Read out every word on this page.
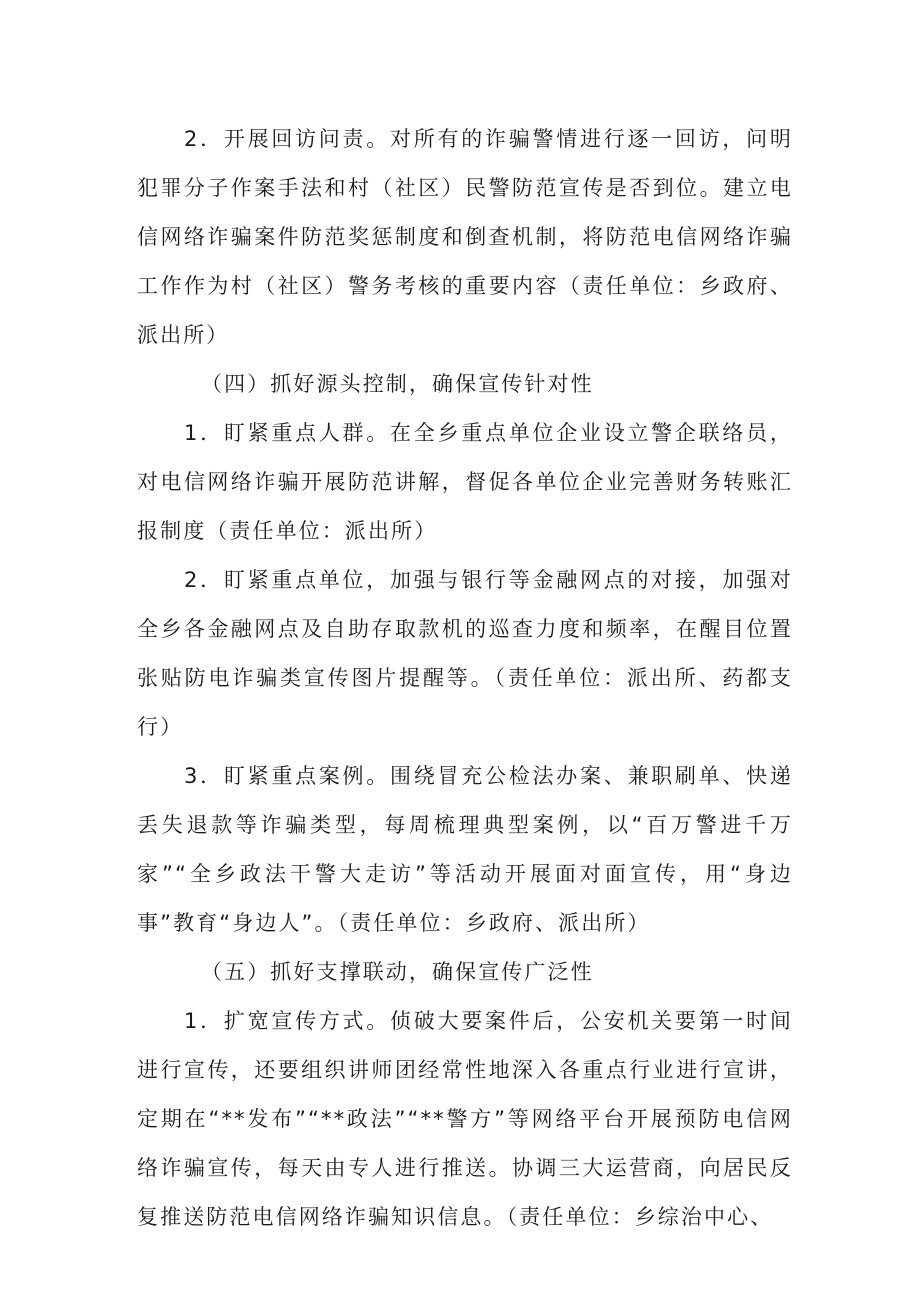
2．开展回访问责。对所有的诈骗警情进行逐一回访，问明犯罪分子作案手法和村（社区）民警防范宣传是否到位。建立电信网络诈骗案件防范奖惩制度和倒查机制，将防范电信网络诈骗工作作为村（社区）警务考核的重要内容（责任单位：乡政府、派出所）

（四）抓好源头控制，确保宣传针对性

1．盯紧重点人群。在全乡重点单位企业设立警企联络员，对电信网络诈骗开展防范讲解，督促各单位企业完善财务转账汇报制度（责任单位：派出所）

2．盯紧重点单位，加强与银行等金融网点的对接，加强对全乡各金融网点及自助存取款机的巡查力度和频率，在醒目位置张贴防电诈骗类宣传图片提醒等。（责任单位：派出所、药都支行）

3．盯紧重点案例。围绕冒充公检法办案、兼职刷单、快递丢失退款等诈骗类型，每周梳理典型案例，以“百万警进千万家”“全乡政法干警大走访”等活动开展面对面宣传，用“身边事”教育“身边人”。（责任单位：乡政府、派出所）

（五）抓好支撑联动，确保宣传广泛性

1．扩宽宣传方式。侦破大要案件后，公安机关要第一时间进行宣传，还要组织讲师团经常性地深入各重点行业进行宣讲，定期在“**发布”“**政法”“**警方”等网络平台开展预防电信网络诈骗宣传，每天由专人进行推送。协调三大运营商，向居民反复推送防范电信网络诈骗知识信息。（责任单位：乡综治中心、
